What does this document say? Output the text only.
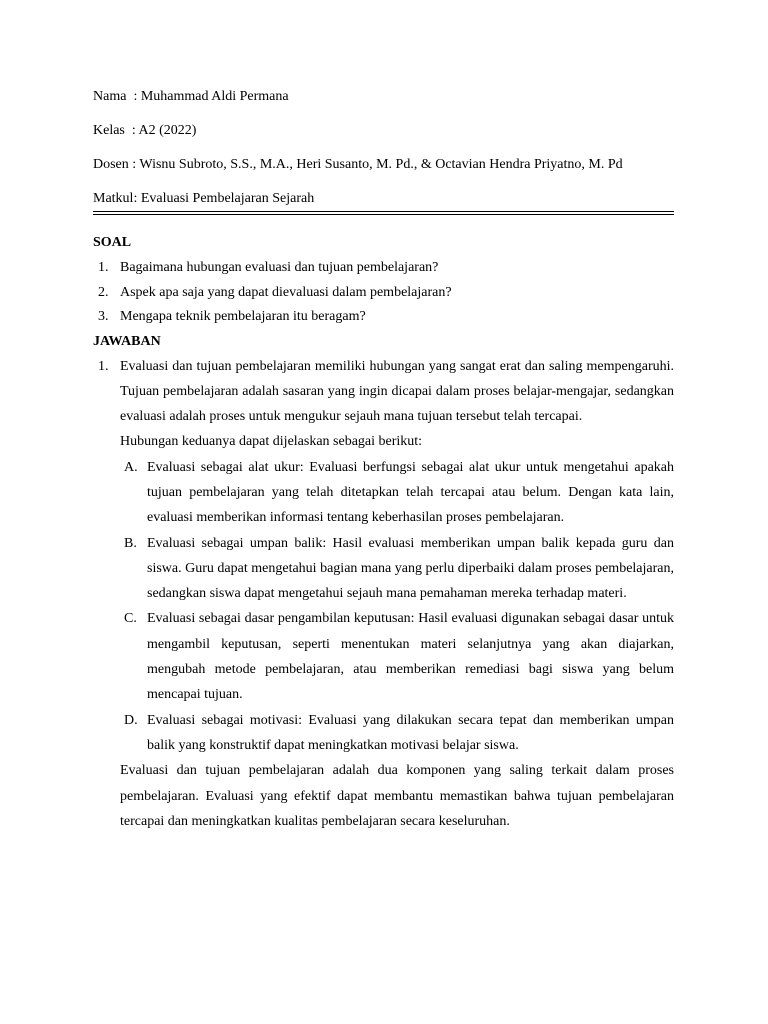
Nama : Muhammad Aldi Permana

Kelas : A2 (2022)

Dosen : Wisnu Subroto, S.S., M.A., Heri Susanto, M. Pd., & Octavian Hendra Priyatno, M. Pd

Matkul: Evaluasi Pembelajaran Sejarah

SOAL

1. Bagaimana hubungan evaluasi dan tujuan pembelajaran?
2. Aspek apa saja yang dapat dievaluasi dalam pembelajaran?
3. Mengapa teknik pembelajaran itu beragam?

JAWABAN

1. Evaluasi dan tujuan pembelajaran memiliki hubungan yang sangat erat dan saling mempengaruhi. Tujuan pembelajaran adalah sasaran yang ingin dicapai dalam proses belajar-mengajar, sedangkan evaluasi adalah proses untuk mengukur sejauh mana tujuan tersebut telah tercapai.

Hubungan keduanya dapat dijelaskan sebagai berikut:

A. Evaluasi sebagai alat ukur: Evaluasi berfungsi sebagai alat ukur untuk mengetahui apakah tujuan pembelajaran yang telah ditetapkan telah tercapai atau belum. Dengan kata lain, evaluasi memberikan informasi tentang keberhasilan proses pembelajaran.

B. Evaluasi sebagai umpan balik: Hasil evaluasi memberikan umpan balik kepada guru dan siswa. Guru dapat mengetahui bagian mana yang perlu diperbaiki dalam proses pembelajaran, sedangkan siswa dapat mengetahui sejauh mana pemahaman mereka terhadap materi.

C. Evaluasi sebagai dasar pengambilan keputusan: Hasil evaluasi digunakan sebagai dasar untuk mengambil keputusan, seperti menentukan materi selanjutnya yang akan diajarkan, mengubah metode pembelajaran, atau memberikan remediasi bagi siswa yang belum mencapai tujuan.

D. Evaluasi sebagai motivasi: Evaluasi yang dilakukan secara tepat dan memberikan umpan balik yang konstruktif dapat meningkatkan motivasi belajar siswa.

Evaluasi dan tujuan pembelajaran adalah dua komponen yang saling terkait dalam proses pembelajaran. Evaluasi yang efektif dapat membantu memastikan bahwa tujuan pembelajaran tercapai dan meningkatkan kualitas pembelajaran secara keseluruhan.
